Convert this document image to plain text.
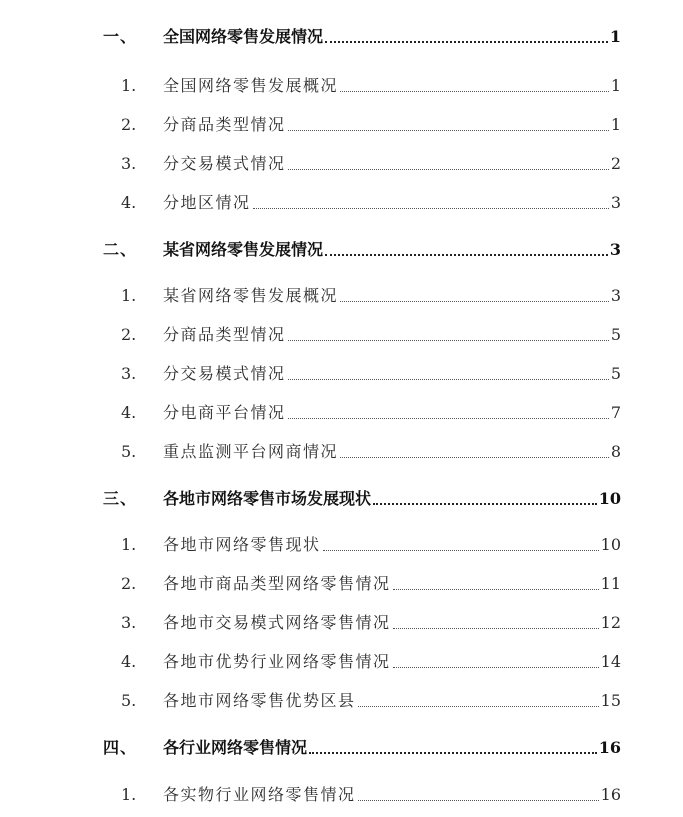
一、 全国网络零售发展情况	1
1. 全国网络零售发展概况	1
2. 分商品类型情况	1
3. 分交易模式情况	2
4. 分地区情况	3
二、 某省网络零售发展情况	3
1. 某省网络零售发展概况	3
2. 分商品类型情况	5
3. 分交易模式情况	5
4. 分电商平台情况	7
5. 重点监测平台网商情况	8
三、 各地市网络零售市场发展现状	10
1. 各地市网络零售现状	10
2. 各地市商品类型网络零售情况	11
3. 各地市交易模式网络零售情况	12
4. 各地市优势行业网络零售情况	14
5. 各地市网络零售优势区县	15
四、 各行业网络零售情况	16
1. 各实物行业网络零售情况	16
